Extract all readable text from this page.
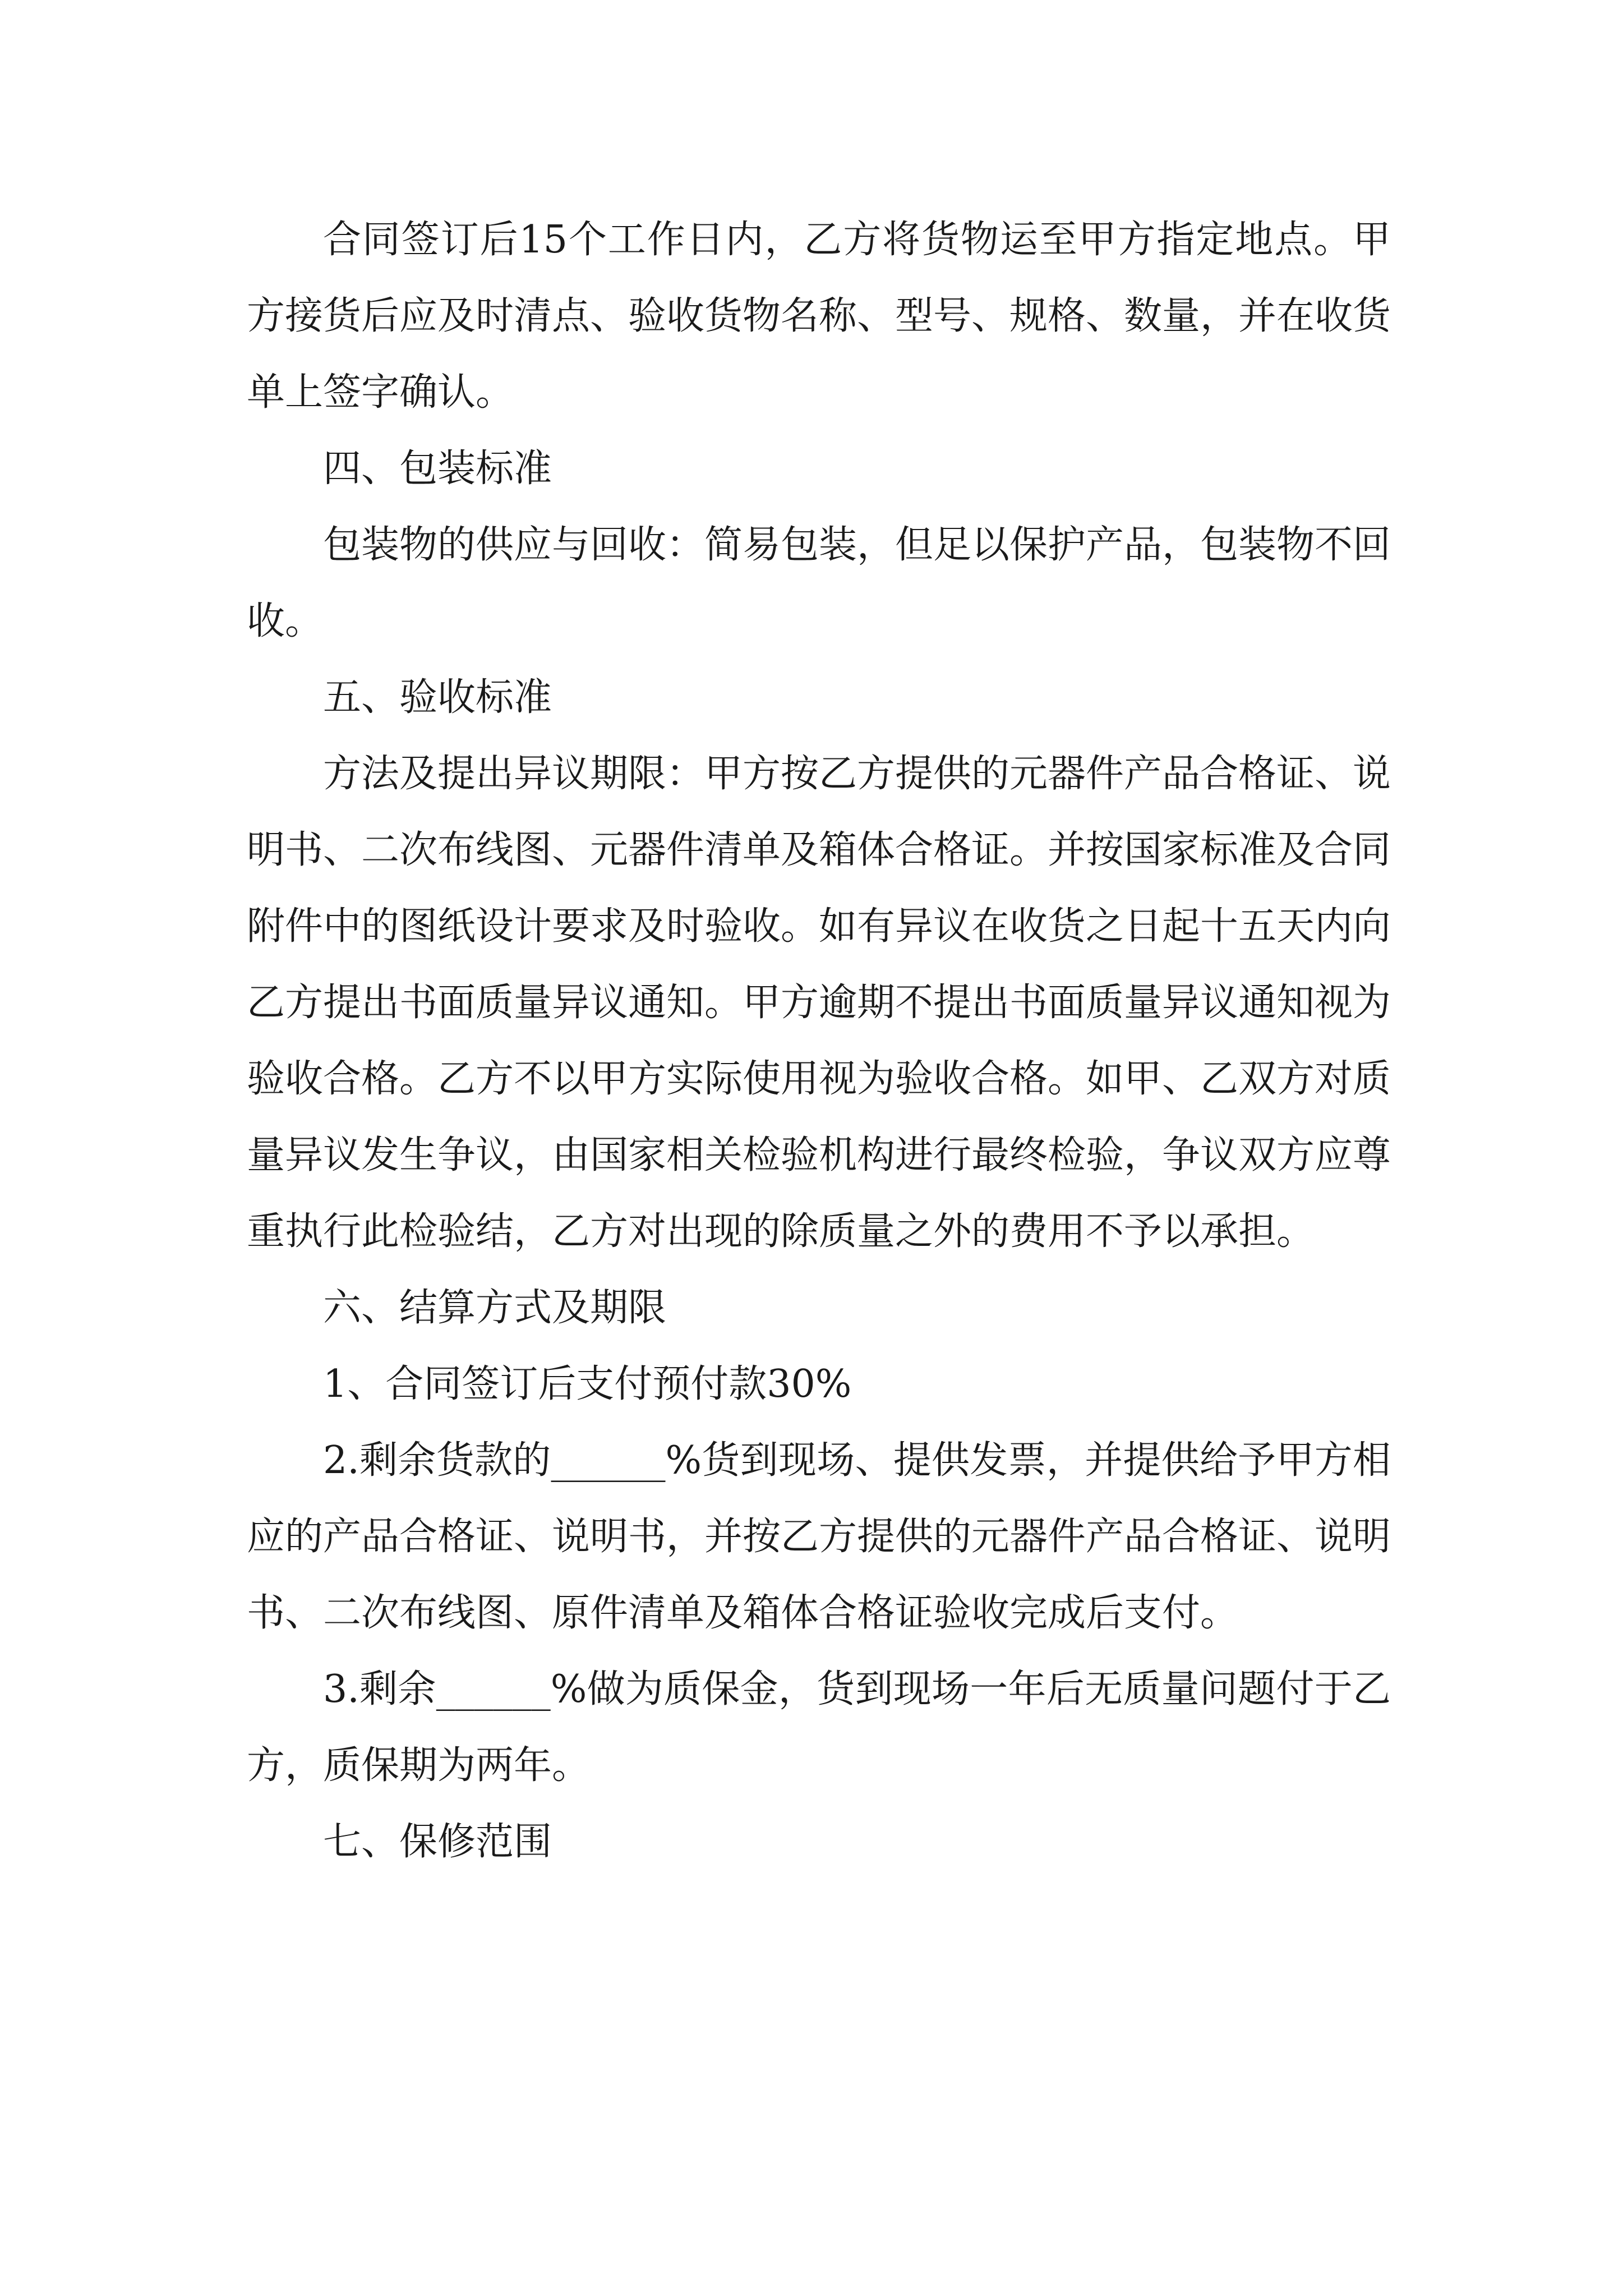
合同签订后15个工作日内，乙方将货物运至甲方指定地点。甲方接货后应及时清点、验收货物名称、型号、规格、数量，并在收货单上签字确认。

四、包装标准

包装物的供应与回收：简易包装，但足以保护产品，包装物不回收。

五、验收标准

方法及提出异议期限：甲方按乙方提供的元器件产品合格证、说明书、二次布线图、元器件清单及箱体合格证。并按国家标准及合同附件中的图纸设计要求及时验收。如有异议在收货之日起十五天内向乙方提出书面质量异议通知。甲方逾期不提出书面质量异议通知视为验收合格。乙方不以甲方实际使用视为验收合格。如甲、乙双方对质量异议发生争议，由国家相关检验机构进行最终检验，争议双方应尊重执行此检验结，乙方对出现的除质量之外的费用不予以承担。

六、结算方式及期限

1、合同签订后支付预付款30%

2.剩余货款的______%货到现场、提供发票，并提供给予甲方相应的产品合格证、说明书，并按乙方提供的元器件产品合格证、说明书、二次布线图、原件清单及箱体合格证验收完成后支付。

3.剩余______%做为质保金，货到现场一年后无质量问题付于乙方，质保期为两年。

七、保修范围
